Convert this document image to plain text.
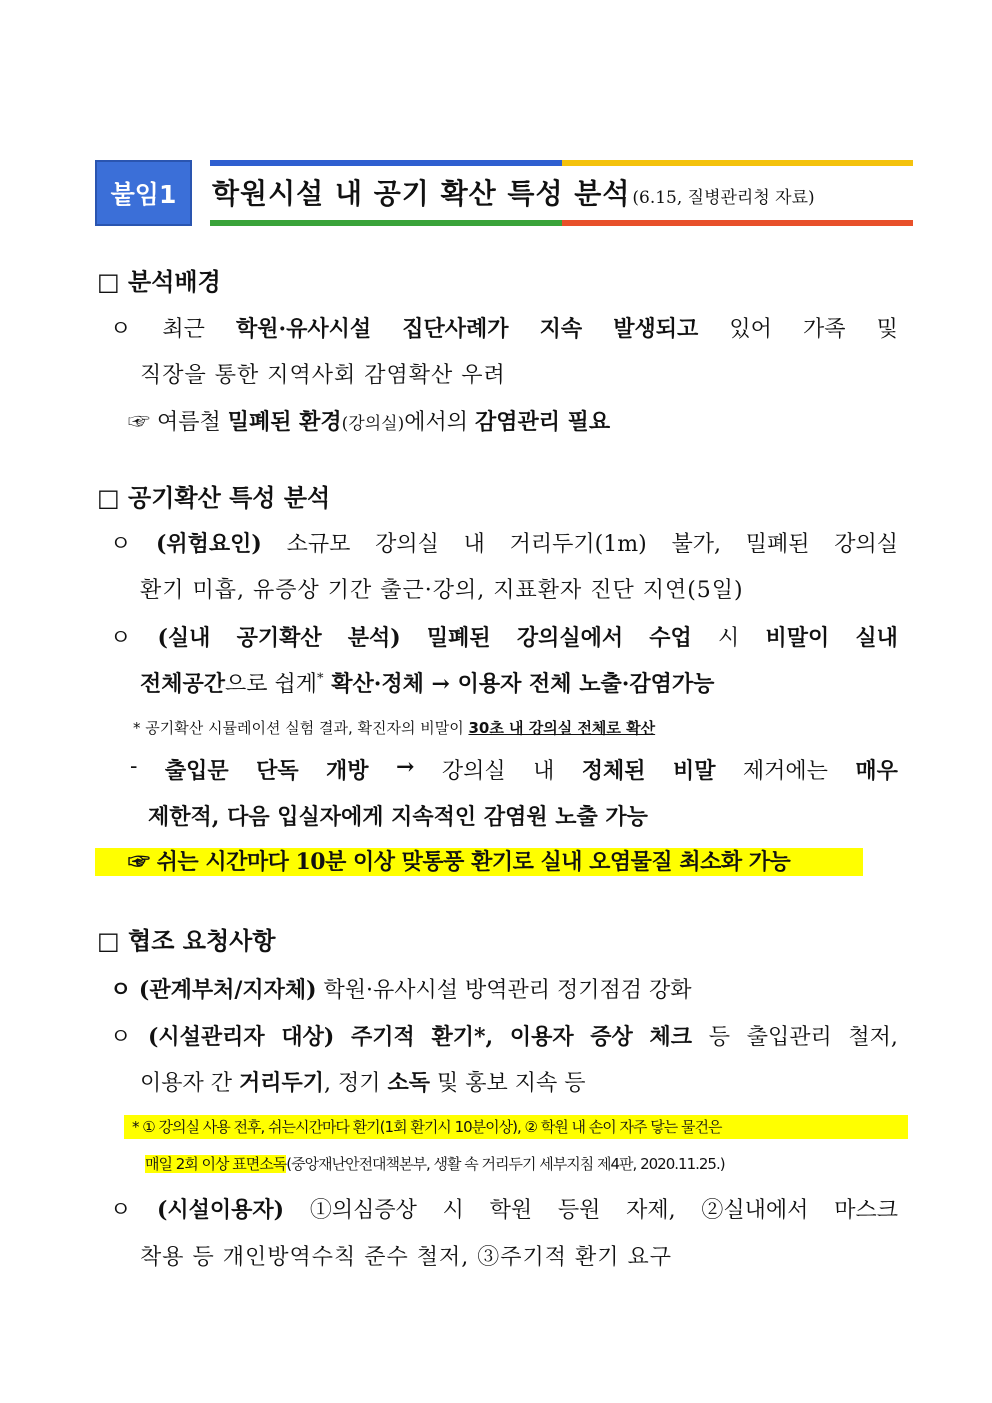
붙임1	학원시설 내 공기 확산 특성 분석 (6.15, 질병관리청 자료)
□ 분석배경
ㅇ 최근 학원·유사시설 집단사례가 지속 발생되고 있어 가족 및
직장을 통한 지역사회 감염확산 우려
☞ 여름철 밀폐된 환경(강의실)에서의 감염관리 필요
□ 공기확산 특성 분석
ㅇ (위험요인) 소규모 강의실 내 거리두기(1m) 불가, 밀폐된 강의실
환기 미흡, 유증상 기간 출근·강의, 지표환자 진단 지연(5일)
ㅇ (실내 공기확산 분석) 밀폐된 강의실에서 수업 시 비말이 실내
전체공간으로 쉽게* 확산·정체 → 이용자 전체 노출·감염가능
* 공기확산 시뮬레이션 실험 결과, 확진자의 비말이 30초 내 강의실 전체로 확산
- 출입문 단독 개방 → 강의실 내 정체된 비말 제거에는 매우
제한적, 다음 입실자에게 지속적인 감염원 노출 가능
☞ 쉬는 시간마다 10분 이상 맞통풍 환기로 실내 오염물질 최소화 가능
□ 협조 요청사항
ㅇ (관계부처/지자체) 학원·유사시설 방역관리 정기점검 강화
ㅇ (시설관리자 대상) 주기적 환기*, 이용자 증상 체크 등 출입관리 철저,
이용자 간 거리두기, 정기 소독 및 홍보 지속 등
* ① 강의실 사용 전후, 쉬는시간마다 환기(1회 환기시 10분이상), ② 학원 내 손이 자주 닿는 물건은
매일 2회 이상 표면소독(중앙재난안전대책본부, 생활 속 거리두기 세부지침 제4판, 2020.11.25.)
ㅇ (시설이용자) ①의심증상 시 학원 등원 자제, ②실내에서 마스크
착용 등 개인방역수칙 준수 철저, ③주기적 환기 요구
